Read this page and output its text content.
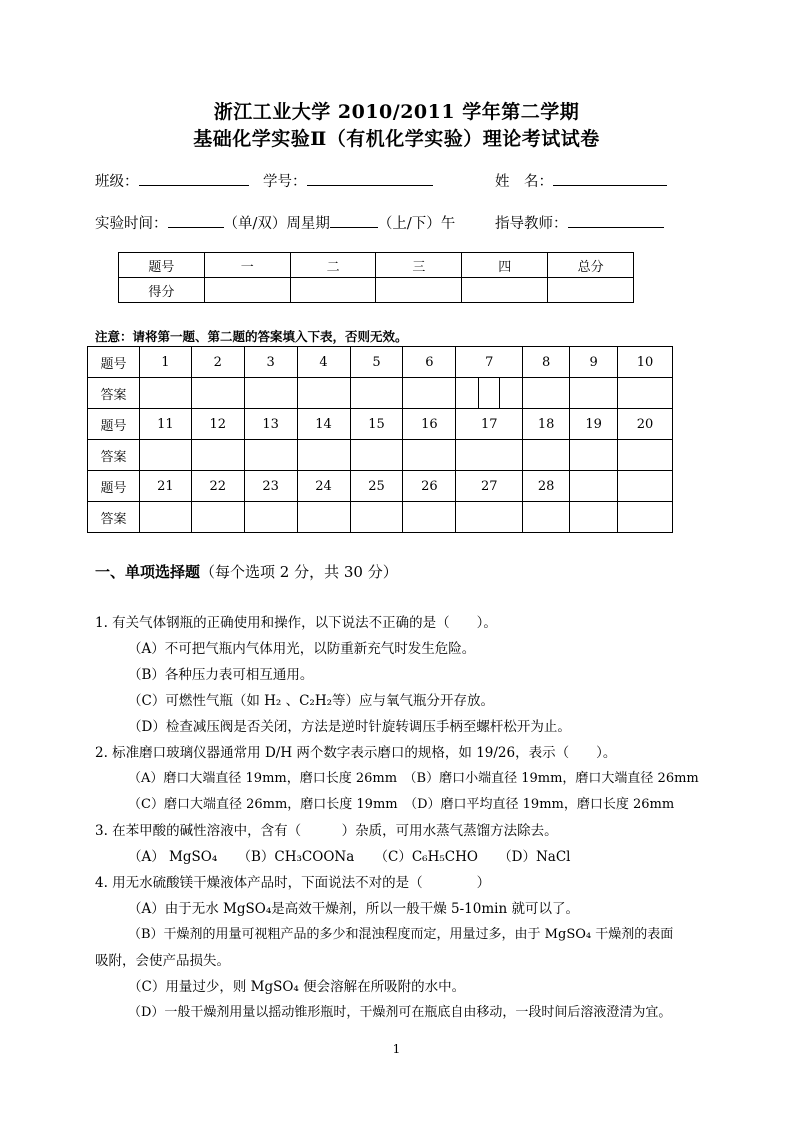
浙江工业大学 2010/2011 学年第二学期
基础化学实验Ⅱ（有机化学实验）理论考试试卷
班级：	学号：	姓　名：
实验时间：	（单/双）周星期	（上/下）午	指导教师：
题号	一	二	三	四	总分
得分					
注意：请将第一题、第二题的答案填入下表，否则无效。
题号	1	2	3	4	5	6	7	8	9	10
答案										
题号	11	12	13	14	15	16	17	18	19	20
答案										
题号	21	22	23	24	25	26	27	28		
答案										
一、单项选择题（每个选项 2 分，共 30 分）
1. 有关气体钢瓶的正确使用和操作，以下说法不正确的是（　　）。
（A）不可把气瓶内气体用光，以防重新充气时发生危险。
（B）各种压力表可相互通用。
（C）可燃性气瓶（如 H₂ 、C₂H₂等）应与氧气瓶分开存放。
（D）检查减压阀是否关闭，方法是逆时针旋转调压手柄至螺杆松开为止。
2. 标准磨口玻璃仪器通常用 D/H 两个数字表示磨口的规格，如 19/26，表示（　　）。
（A）磨口大端直径 19mm，磨口长度 26mm　（B）磨口小端直径 19mm，磨口大端直径 26mm
（C）磨口大端直径 26mm，磨口长度 19mm　（D）磨口平均直径 19mm，磨口长度 26mm
3. 在苯甲酸的碱性溶液中，含有（　　　）杂质，可用水蒸气蒸馏方法除去。
（A） MgSO₄　　（B）CH₃COONa　　（C）C₆H₅CHO　　（D）NaCl
4. 用无水硫酸镁干燥液体产品时，下面说法不对的是（　　　　）
（A）由于无水 MgSO₄是高效干燥剂，所以一般干燥 5-10min 就可以了。
（B）干燥剂的用量可视粗产品的多少和混浊程度而定，用量过多，由于 MgSO₄ 干燥剂的表面
吸附，会使产品损失。
（C）用量过少，则 MgSO₄ 便会溶解在所吸附的水中。
（D）一般干燥剂用量以摇动锥形瓶时，干燥剂可在瓶底自由移动，一段时间后溶液澄清为宜。
1
